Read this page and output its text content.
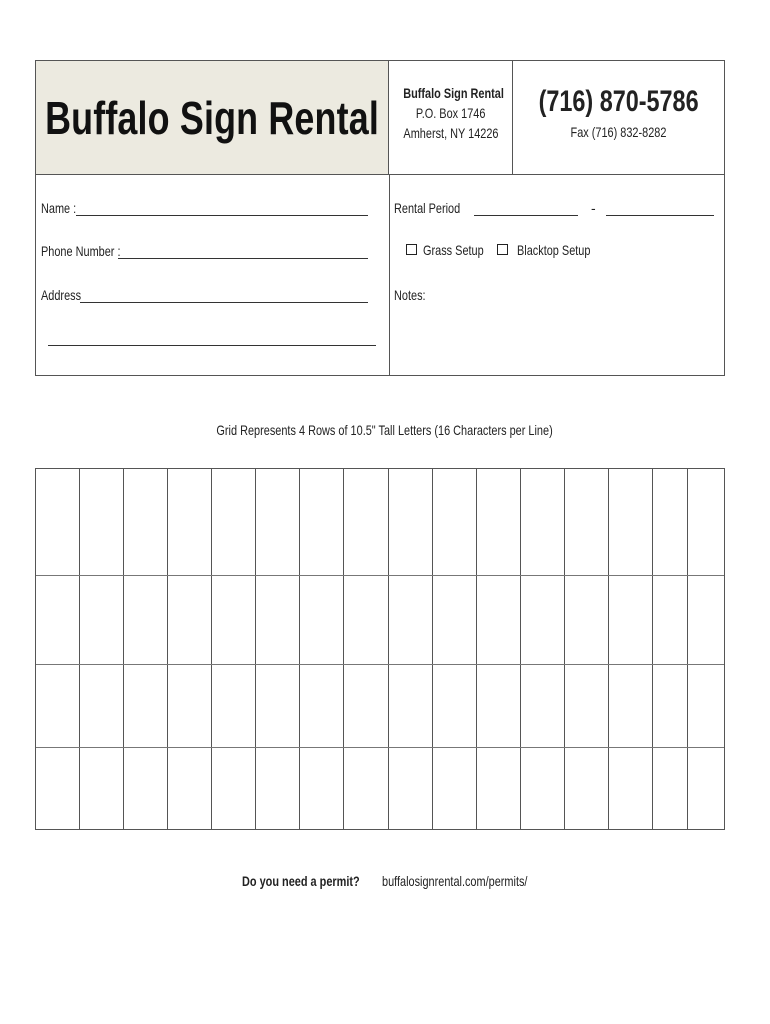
Buffalo Sign Rental	Buffalo Sign Rental
P.O. Box 1746
Amherst, NY 14226
(716) 870-5786
Fax (716) 832-8282
Name :
Phone Number :
Address
Rental Period	-
Grass Setup	Blacktop Setup
Notes:
Grid Represents 4 Rows of 10.5" Tall Letters (16 Characters per Line)
Do you need a permit?	buffalosignrental.com/permits/
